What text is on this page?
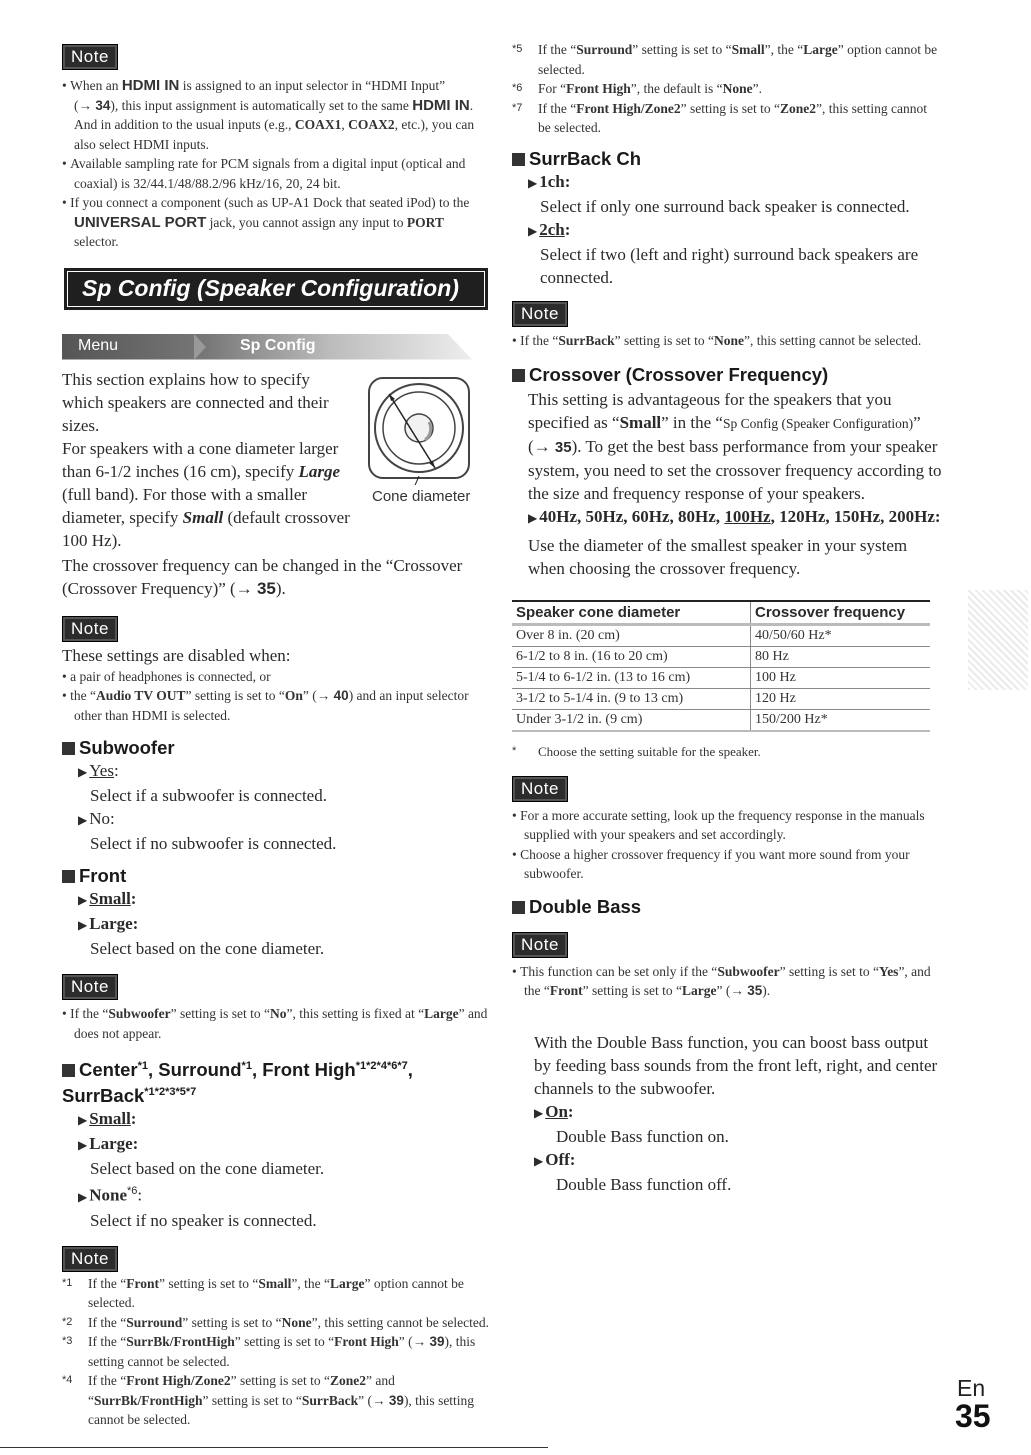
Note

• When an HDMI IN is assigned to an input selector in “HDMI Input” (→ 34), this input assignment is automatically set to the same HDMI IN. And in addition to the usual inputs (e.g., COAX1, COAX2, etc.), you can also select HDMI inputs.

• Available sampling rate for PCM signals from a digital input (optical and coaxial) is 32/44.1/48/88.2/96 kHz/16, 20, 24 bit.

• If you connect a component (such as UP-A1 Dock that seated iPod) to the UNIVERSAL PORT jack, you cannot assign any input to PORT selector.

Sp Config (Speaker Configuration)
Menu	Sp Config

This section explains how to specify which speakers are connected and their sizes.
For speakers with a cone diameter larger than 6-1/2 inches (16 cm), specify Large (full band). For those with a smaller diameter, specify Small (default crossover 100 Hz).

Cone diameter

The crossover frequency can be changed in the “Crossover (Crossover Frequency)” (→ 35).

Note

These settings are disabled when:

• a pair of headphones is connected, or

• the “Audio TV OUT” setting is set to “On” (→ 40) and an input selector other than HDMI is selected.

Subwoofer

▶ Yes:

Select if a subwoofer is connected.

▶ No:

Select if no subwoofer is connected.

Front

▶ Small:

▶ Large:

Select based on the cone diameter.

Note

• If the “Subwoofer” setting is set to “No”, this setting is fixed at “Large” and does not appear.

Center$^{*1}$, Surround$^{*1}$, Front High$^{*1*2*4*6*7}$,
SurrBack$^{*1*2*3*5*7}$

▶ Small:

▶ Large:

Select based on the cone diameter.

▶ None$^{*6}$:

Select if no speaker is connected.

Note

*1 If the “Front” setting is set to “Small”, the “Large” option cannot be selected.

*2 If the “Surround” setting is set to “None”, this setting cannot be selected.

*3 If the “SurrBk/FrontHigh” setting is set to “Front High” (→ 39), this setting cannot be selected.

*4 If the “Front High/Zone2” setting is set to “Zone2” and “SurrBk/FrontHigh” setting is set to “SurrBack” (→ 39), this setting cannot be selected.

*5 If the “Surround” setting is set to “Small”, the “Large” option cannot be selected.

*6 For “Front High”, the default is “None”.

*7 If the “Front High/Zone2” setting is set to “Zone2”, this setting cannot be selected.

SurrBack Ch

▶ 1ch:

Select if only one surround back speaker is connected.

▶ 2ch:

Select if two (left and right) surround back speakers are connected.

Note

• If the “SurrBack” setting is set to “None”, this setting cannot be selected.

Crossover (Crossover Frequency)

This setting is advantageous for the speakers that you specified as “Small” in the “Sp Config (Speaker Configuration)” (→ 35). To get the best bass performance from your speaker system, you need to set the crossover frequency according to the size and frequency response of your speakers.

▶ 40Hz, 50Hz, 60Hz, 80Hz, 100Hz, 120Hz, 150Hz, 200Hz:

Use the diameter of the smallest speaker in your system when choosing the crossover frequency.

Speaker cone diameter	Crossover frequency
Over 8 in. (20 cm)	40/50/60 Hz*
6-1/2 to 8 in. (16 to 20 cm)	80 Hz
5-1/4 to 6-1/2 in. (13 to 16 cm)	100 Hz
3-1/2 to 5-1/4 in. (9 to 13 cm)	120 Hz
Under 3-1/2 in. (9 cm)	150/200 Hz*

* Choose the setting suitable for the speaker.

Note

• For a more accurate setting, look up the frequency response in the manuals supplied with your speakers and set accordingly.

• Choose a higher crossover frequency if you want more sound from your subwoofer.

Double Bass

Note

• This function can be set only if the “Subwoofer” setting is set to “Yes”, and the “Front” setting is set to “Large” (→ 35).

With the Double Bass function, you can boost bass output by feeding bass sounds from the front left, right, and center channels to the subwoofer.

▶ On:

Double Bass function on.

▶ Off:

Double Bass function off.

En
35
